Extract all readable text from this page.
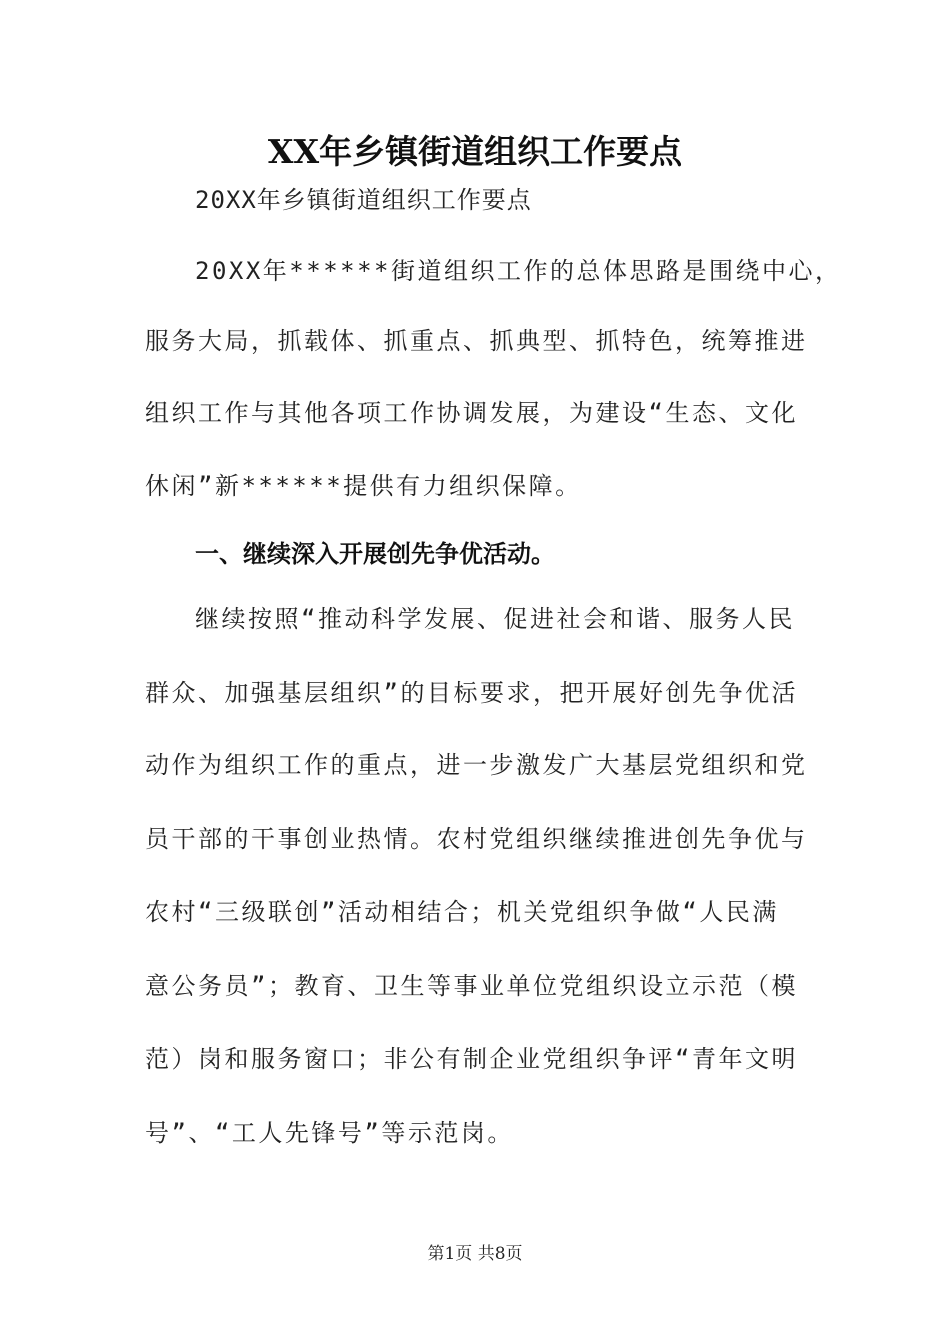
XX年乡镇街道组织工作要点
20XX年乡镇街道组织工作要点
20XX年******街道组织工作的总体思路是围绕中心，
服务大局，抓载体、抓重点、抓典型、抓特色，统筹推进
组织工作与其他各项工作协调发展，为建设“生态、文化
休闲”新******提供有力组织保障。
一、继续深入开展创先争优活动。
继续按照“推动科学发展、促进社会和谐、服务人民
群众、加强基层组织”的目标要求，把开展好创先争优活
动作为组织工作的重点，进一步激发广大基层党组织和党
员干部的干事创业热情。农村党组织继续推进创先争优与
农村“三级联创”活动相结合；机关党组织争做“人民满
意公务员”；教育、卫生等事业单位党组织设立示范（模
范）岗和服务窗口；非公有制企业党组织争评“青年文明
号”、“工人先锋号”等示范岗。
第1页 共8页
